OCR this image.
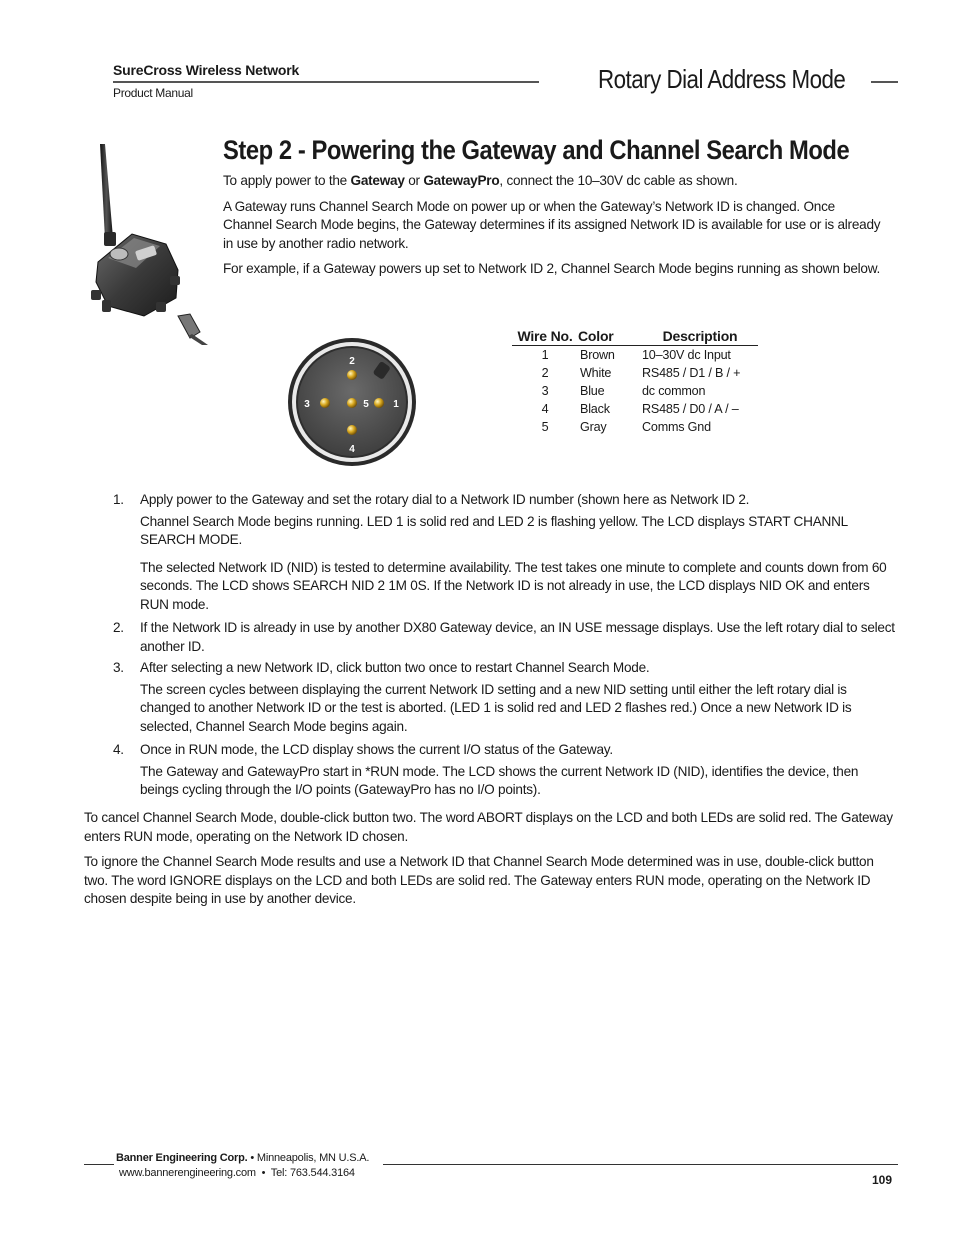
SureCross Wireless Network
Product Manual	Rotary Dial Address Mode
Step 2 - Powering the Gateway and Channel Search Mode

To apply power to the Gateway or GatewayPro, connect the 10–30V dc cable as shown.

A Gateway runs Channel Search Mode on power up or when the Gateway’s Network ID is changed. Once Channel Search Mode begins, the Gateway determines if its assigned Network ID is available for use or is already in use by another radio network.

For example, if a Gateway powers up set to Network ID 2, Channel Search Mode begins running as shown below.

2
3	5 1
4
Wire No.	Color	Description
1	Brown	10–30V dc Input
2	White	RS485 / D1 / B / +
3	Blue	dc common
4	Black	RS485 / D0 / A / –
5	Gray	Comms Gnd
1. Apply power to the Gateway and set the rotary dial to a Network ID number (shown here as Network ID 2.

Channel Search Mode begins running. LED 1 is solid red and LED 2 is flashing yellow. The LCD displays START CHANNL SEARCH MODE.

The selected Network ID (NID) is tested to determine availability. The test takes one minute to complete and counts down from 60 seconds. The LCD shows SEARCH NID 2 1M 0S. If the Network ID is not already in use, the LCD displays NID OK and enters RUN mode.

2. If the Network ID is already in use by another DX80 Gateway device, an IN USE message displays. Use the left rotary dial to select another ID.

3. After selecting a new Network ID, click button two once to restart Channel Search Mode.

The screen cycles between displaying the current Network ID setting and a new NID setting until either the left rotary dial is changed to another Network ID or the test is aborted. (LED 1 is solid red and LED 2 flashes red.) Once a new Network ID is selected, Channel Search Mode begins again.

4. Once in RUN mode, the LCD display shows the current I/O status of the Gateway.

The Gateway and GatewayPro start in *RUN mode. The LCD shows the current Network ID (NID), identifies the device, then beings cycling through the I/O points (GatewayPro has no I/O points).

To cancel Channel Search Mode, double-click button two. The word ABORT displays on the LCD and both LEDs are solid red. The Gateway enters RUN mode, operating on the Network ID chosen.

To ignore the Channel Search Mode results and use a Network ID that Channel Search Mode determined was in use, double-click button two. The word IGNORE displays on the LCD and both LEDs are solid red. The Gateway enters RUN mode, operating on the Network ID chosen despite being in use by another device.

Banner Engineering Corp. • Minneapolis, MN U.S.A.
www.bannerengineering.com • Tel: 763.544.3164	109
